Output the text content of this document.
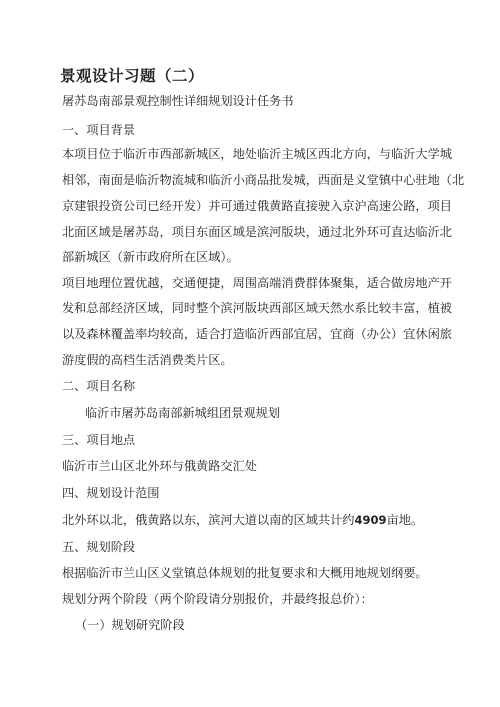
景观设计习题（二）
屠苏岛南部景观控制性详细规划设计任务书
一、项目背景
本项目位于临沂市西部新城区，地处临沂主城区西北方向，与临沂大学城
相邻，南面是临沂物流城和临沂小商品批发城，西面是义堂镇中心驻地（北
京建银投资公司已经开发）并可通过俄黄路直接驶入京沪高速公路，项目
北面区域是屠苏岛，项目东面区域是滨河版块，通过北外环可直达临沂北
部新城区（新市政府所在区域）。
项目地理位置优越，交通便捷，周围高端消费群体聚集，适合做房地产开
发和总部经济区域，同时整个滨河版块西部区域天然水系比较丰富，植被
以及森林覆盖率均较高，适合打造临沂西部宜居，宜商（办公）宜休闲旅
游度假的高档生活消费类片区。
二、项目名称
临沂市屠苏岛南部新城组团景观规划
三、项目地点
临沂市兰山区北外环与俄黄路交汇处
四、规划设计范围
北外环以北，俄黄路以东，滨河大道以南的区域共计约4909亩地。
五、规划阶段
根据临沂市兰山区义堂镇总体规划的批复要求和大概用地规划纲要。
规划分两个阶段（两个阶段请分别报价，并最终报总价）：
（一）规划研究阶段
